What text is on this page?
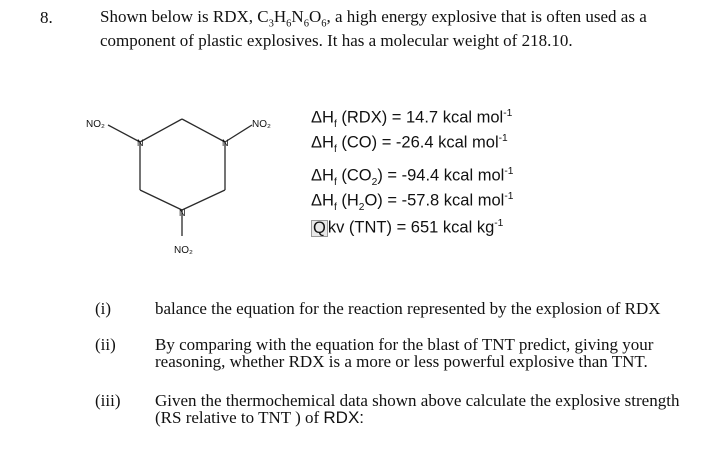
8.	Shown below is RDX, $C_3H_6N_6O_6$, a high energy explosive that is often used as a component of plastic explosives. It has a molecular weight of 218.10.
NO₂	NO₂
NO₂
N	N
N
$\Delta H_f$ (RDX) = 14.7 kcal mol$^{-1}$
$\Delta H_f$ (CO) = -26.4 kcal mol$^{-1}$
$\Delta H_f$ $(CO_2) = -94.4$ kcal mol$^{-1}$
$\Delta H_f$ $(H_2O) = -57.8$ kcal mol$^{-1}$
Q kv (TNT) = 651 kcal $kg^{-1}$
(i)	balance the equation for the reaction represented by the explosion of RDX
(ii) By comparing with the equation for the blast of TNT predict, giving your reasoning, whether RDX is a more or less powerful explosive than TNT.
(iii) Given the thermochemical data shown above calculate the explosive strength (RS relative to TNT ) of RDX:
